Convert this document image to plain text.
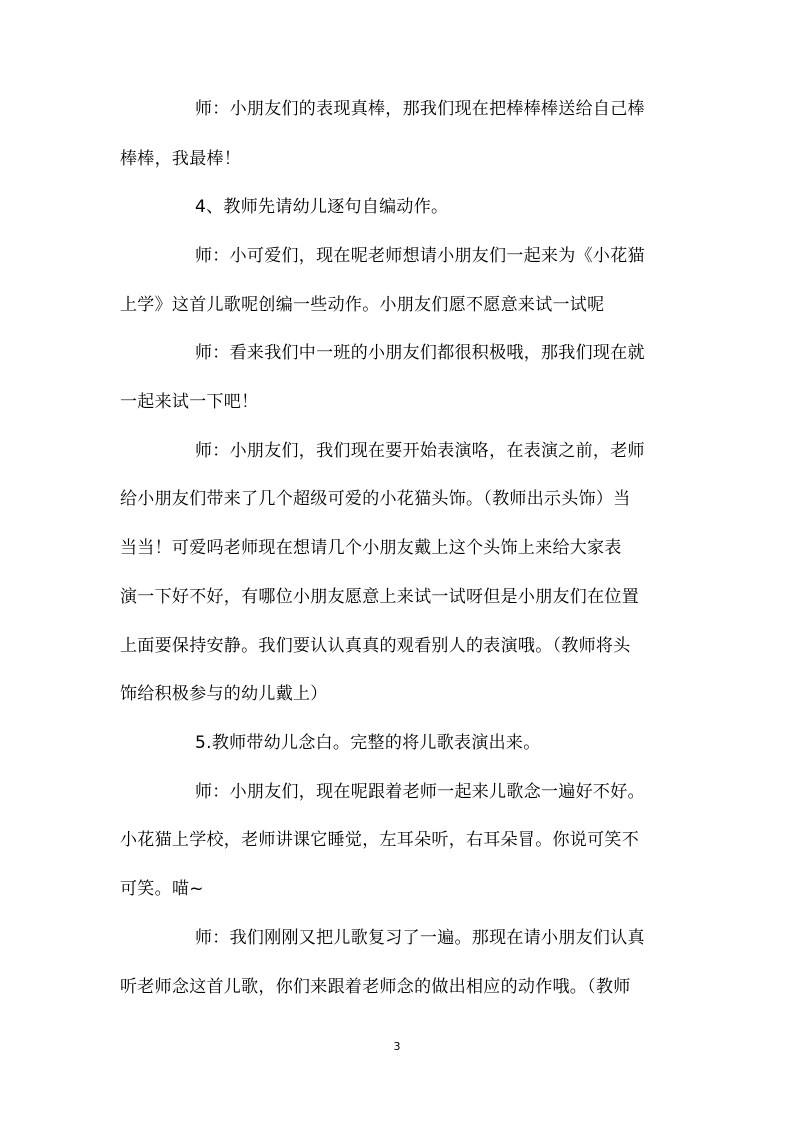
师：小朋友们的表现真棒，那我们现在把棒棒棒送给自己棒
棒棒，我最棒！
4、教师先请幼儿逐句自编动作。
师：小可爱们，现在呢老师想请小朋友们一起来为《小花猫
上学》这首儿歌呢创编一些动作。小朋友们愿不愿意来试一试呢
师：看来我们中一班的小朋友们都很积极哦，那我们现在就
一起来试一下吧！
师：小朋友们，我们现在要开始表演咯，在表演之前，老师
给小朋友们带来了几个超级可爱的小花猫头饰。（教师出示头饰）当
当当！可爱吗老师现在想请几个小朋友戴上这个头饰上来给大家表
演一下好不好，有哪位小朋友愿意上来试一试呀但是小朋友们在位置
上面要保持安静。我们要认认真真的观看别人的表演哦。（教师将头
饰给积极参与的幼儿戴上）
5.教师带幼儿念白。完整的将儿歌表演出来。
师：小朋友们，现在呢跟着老师一起来儿歌念一遍好不好。
小花猫上学校，老师讲课它睡觉，左耳朵听，右耳朵冒。你说可笑不
可笑。喵~
师：我们刚刚又把儿歌复习了一遍。那现在请小朋友们认真
听老师念这首儿歌，你们来跟着老师念的做出相应的动作哦。（教师
3
